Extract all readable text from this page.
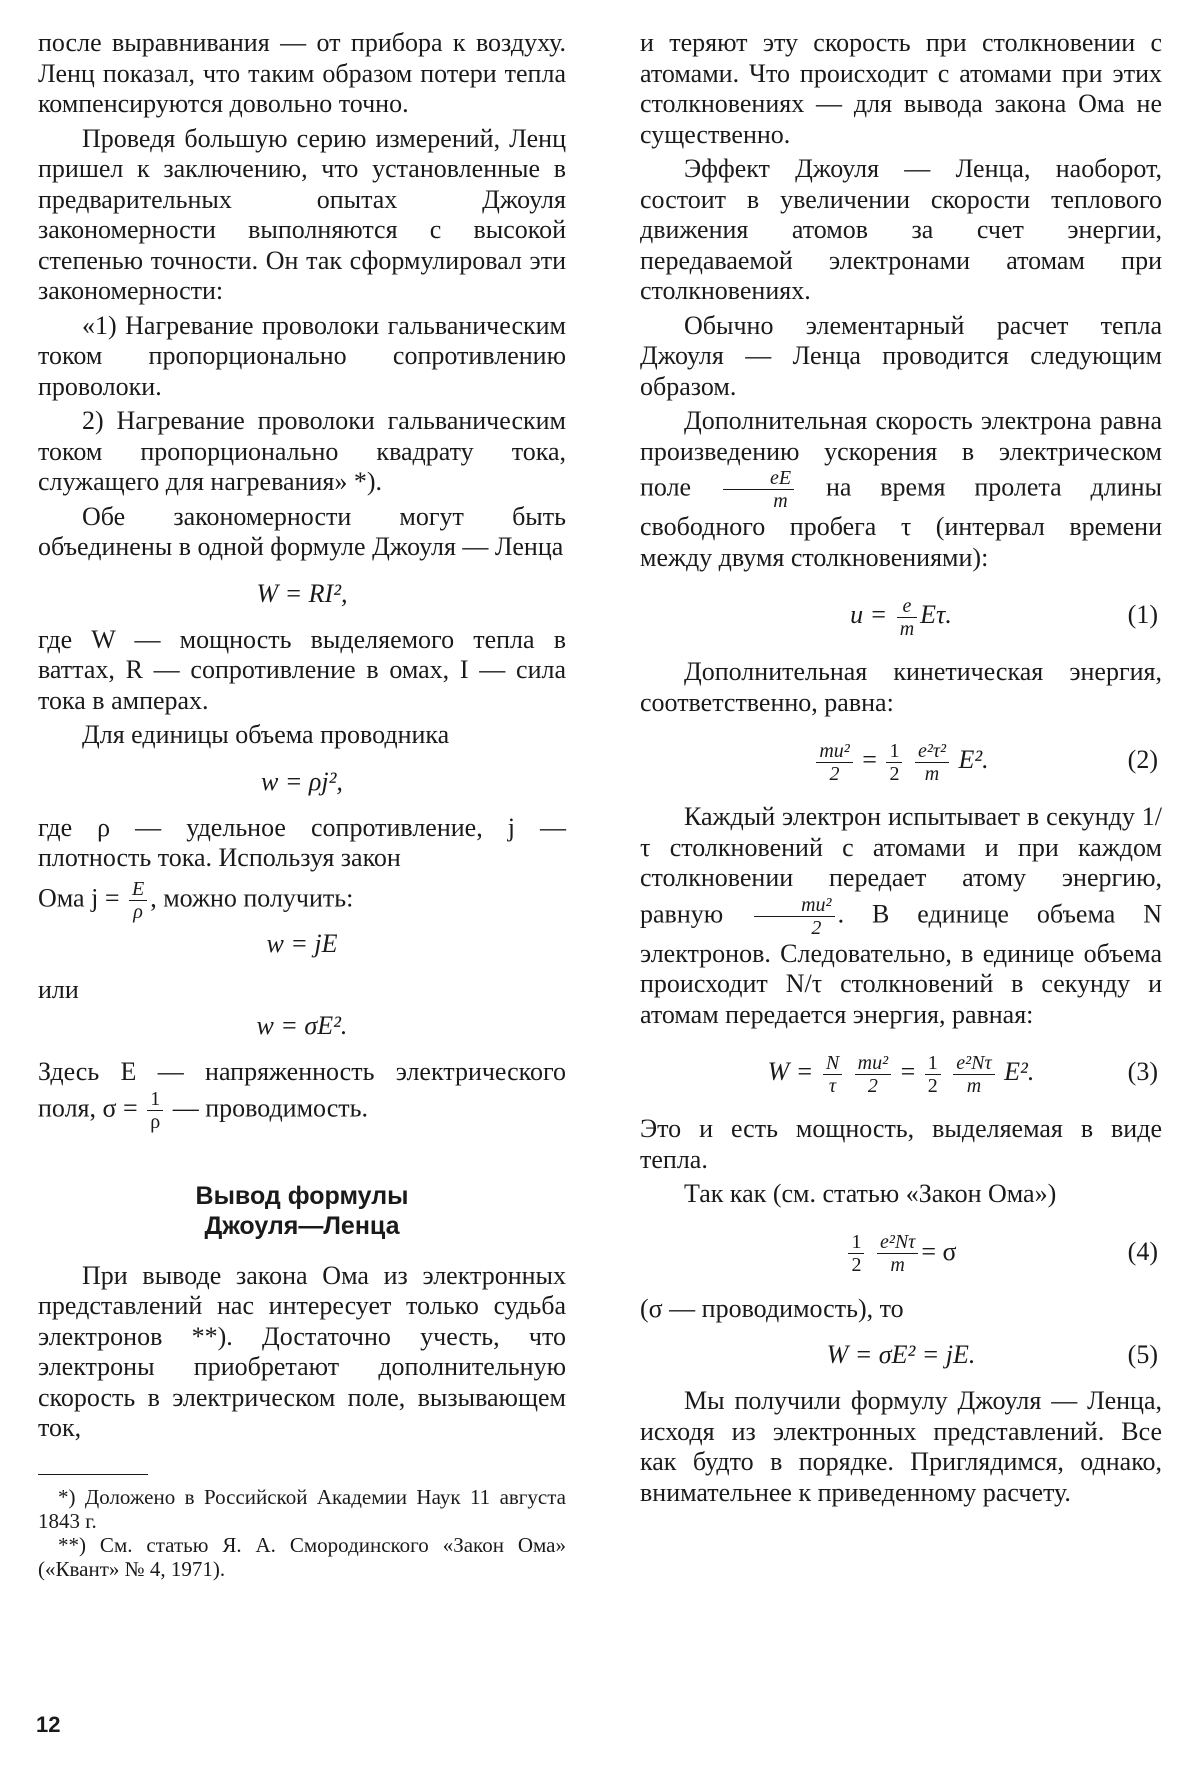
после выравнивания — от прибора к воздуху. Ленц показал, что таким образом потери тепла компенсируются довольно точно.

Проведя большую серию измерений, Ленц пришел к заключению, что установленные в предварительных опытах Джоуля закономерности выполняются с высокой степенью точности. Он так сформулировал эти закономерности:

«1) Нагревание проволоки гальваническим током пропорционально сопротивлению проволоки.

2) Нагревание проволоки гальваническим током пропорционально квадрату тока, служащего для нагревания» *).

Обе закономерности могут быть объединены в одной формуле Джоуля — Ленца

W = RI²,

где W — мощность выделяемого тепла в ваттах, R — сопротивление в омах, I — сила тока в амперах.

Для единицы объема проводника

w = ρj²,

где ρ — удельное сопротивление, j — плотность тока. Используя закон

Ома $j = \frac{E}{\rho}$ , можно получить:

w = jE

или

w = σE².

Здесь E — напряженность электрического поля, $\sigma = \frac{1}{\rho}$ — проводимость.

Вывод формулы
Джоуля—Ленца

При выводе закона Ома из электронных представлений нас интересует только судьба электронов **). Достаточно учесть, что электроны приобретают дополнительную скорость в электрическом поле, вызывающем ток,

*) Доложено в Российской Академии Наук 11 августа 1843 г.

**) См. статью Я. А. Смородинского «Закон Ома» («Квант» № 4, 1971).

и теряют эту скорость при столкновении с атомами. Что происходит с атомами при этих столкновениях — для вывода закона Ома не существенно.

Эффект Джоуля — Ленца, наоборот, состоит в увеличении скорости теплового движения атомов за счет энергии, передаваемой электронами атомам при столкновениях.

Обычно элементарный расчет тепла Джоуля — Ленца проводится следующим образом.

Дополнительная скорость электрона равна произведению ускорения в электрическом поле $\frac{eE}{m}$ на время пролета длины свободного пробега τ (интервал времени между двумя столкновениями):

$u = \frac{e}{m} E\tau$.	(1)

Дополнительная кинетическая энергия, соответственно, равна:

$\frac{\text{mu²}}{2} = \frac{1}{2}$
$\frac{\text{e²τ²}}{m} E^2$.	(2)

Каждый электрон испытывает в секунду 1/τ столкновений с атомами и при каждом столкновении передает атому энергию, равную $\frac{\text{mu²}}{2}$ . В единице объема N электронов. Следовательно, в единице объема происходит N/τ столкновений в секунду и атомам передается энергия, равная:

$W = \frac{N}{\tau}$
$\frac{\text{mu²}}{2} = \frac{1}{2}$
$\frac{\text{e²Nτ}}{m} E^2$.	(3)

Это и есть мощность, выделяемая в виде тепла.

Так как (см. статью «Закон Ома»)

$\frac{1}{2}$
$\frac{\text{e²Nτ}}{m} = \sigma$	(4)

(σ — проводимость), то

W = σE² = jE.	(5)

Мы получили формулу Джоуля — Ленца, исходя из электронных представлений. Все как будто в порядке. Приглядимся, однако, внимательнее к приведенному расчету.

12
